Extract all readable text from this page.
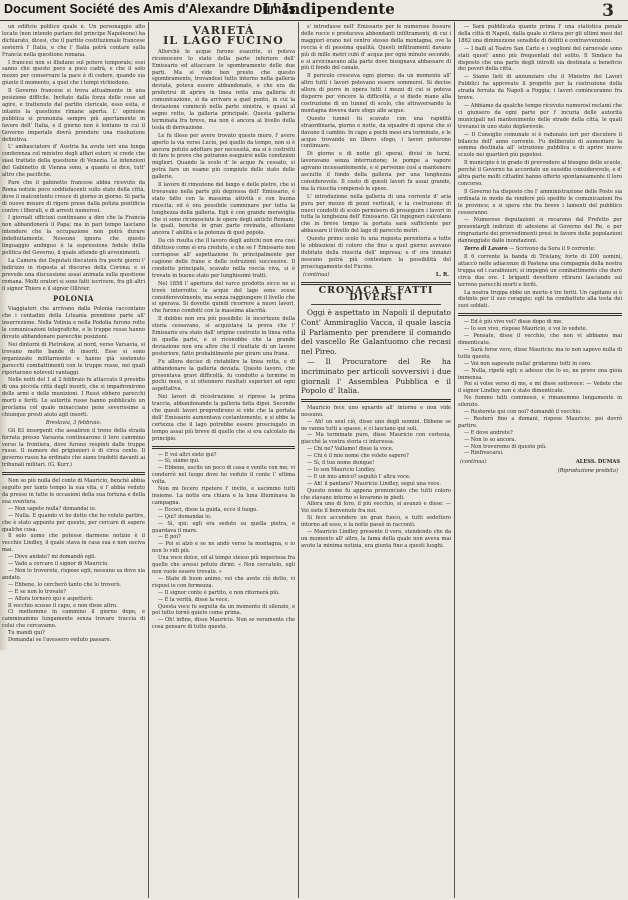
Document Société des Amis d'Alexandre Dumas
L' Indipendente	3

un edificio politico quale è. Un personaggio alto locato (non intendo parlare del principe Napoleone) ha dichiarato, dicesi, che il partito costituzionale francese sosterrà l' Italia, e che l' Italia potrà contare sulla Francia nella questione romana.

I francesi non si illudano sul potere temporale; essi sanno che questo poco a poco cadrà, e che il solo mezzo per conservare la pace è di cedere, quando sia giunto il momento, a quel che i tempi richiedono.

Il Governo francese si trova attualmente in una posizione difficile. Invitato dalla forza delle cose ad agire, e trattenuto dal partito clericale, esso esita, e intanto la questione rimane aperta. L' opinione pubblica si pronunzia sempre più apertamente in favore dell' Italia, e il giorno non è lontano in cui il Governo imperiale dovrà prendere una risoluzione definitiva.

L' ambasciatore d' Austria ha avuto ieri una lunga conferenza col ministro degli affari esteri; si crede che siasi trattato della questione di Venezia. Le intenzioni del Gabinetto di Vienna sono, a quanto si dice, tutt' altro che pacifiche.

Pare che il gabinetto francese abbia ricevuto da Roma notizie poco soddisfacenti sullo stato della città, dove il malcontento cresce di giorno in giorno. Si parla di nuove misure di rigore prese dalla polizia pontificia contro i liberali, e di arresti numerosi.

I giornali ufficiosi continuano a dire che la Francia non abbandonerà il Papa; ma in pari tempo lasciano intendere che la occupazione non potrà durare indefinitamente. Nessuno ignora che questo linguaggio ambiguo è la espressione fedele della politica del Governo, il quale attende gli avvenimenti.

La Camera dei Deputati discuterà fra pochi giorni l' indirizzo in risposta al discorso della Corona; e si prevede una discussione assai animata sulla questione romana. Molti oratori si sono fatti iscrivere, fra gli altri il signor Thiers e il signor Ollivier.

POLONIA

Viaggiatori che arrivano dalla Polonia raccontano che i contadini della Lituania prendono parte all' insurrezione. Nella Volinia e nella Podolia furono rotte le comunicazioni telegrafiche, e le truppe russe hanno dovuto abbandonare parecchie posizioni.

Nei dintorni di Pietrokow, al nord, verso Varsavia, si trovano molte bande di insorti. Esse si sono organizzate militarmente e hanno già sostenuto parecchi combattimenti con le truppe russe, nei quali riportarono notevoli vantaggi.

Nelle notti del 1 al 2 febbraio fu attaccato il presidio di una piccola città dagli insorti, che si impadronirono delle armi e delle munizioni. I Russi ebbero parecchi morti e feriti. Le autorità russe hanno pubblicato un proclama col quale minacciano pene severissime a chiunque presti aiuto agli insorti.

Breslavia, 3 febbraio.

Gli 83 insorgenti che assaliron il treno della strada ferrata presso Varsavia continuarono il loro cammino verso la frontiera, dove furono respinti dalle truppe russe. Il numero dei prigionieri è di circa cento. Il governo russo ha ordinato che siano tradotti davanti ai tribunali militari. (G. Kurr.)

Non so più nulla del conte di Mauricio, benchè abbia seguito per tanto tempo la sua vita, e l' abbia veduto da presso in tutte le occasioni della sua fortuna e della sua sventura.

— Non sapete nulla? domandai io.

— Nulla. E quando vi ho detto che ho voluto partire, che è stato appunto per questo, per cercare di sapere qualche cosa.

Il solo uomo che potesse darmene notizie è il vecchio Lindley, il quale stava in casa sua e non usciva mai.

— Dove andate? mi domandò egli.

— Vado a cercare il signor di Mauricio.

— Non lo troverete, rispose egli; nessuno sa dove sia andato.

— Ebbene, lo cercherò tanto che lo troverò.

— E se non lo trovate?

— Allora tornerò qui e aspetterò.

Il vecchio scosse il capo, e non disse altro.

Ci mettemmo in cammino il giorno dopo, e camminammo lungamente senza trovare traccia di colui che cercavamo.

Tu mandi qui?

Domandai se l'avessero veduto passare.

VARIETÀ
IL LAGO FUCINO

Allorchè le acque furono esaurite, si poteva riconoscere lo stato della parte inferiore dell' Emissario ed attaccare lo sgombramento delle due parti. Ma si vide ben presto che questo sgombramento, trovandosi tutto interno nella galleria deviata, poteva essere abbandonato, e che era da preferirsi di aprire in linea retta una galleria di comunicazione, sì da arrivare a quel punto, in cui la deviazione cominciò nella parte sinistra, e quasi al segno retto, la galleria principale. Questa galleria terminata fra breve, ma non è ancora al livello della tesla di derivazione.

Le fu illeso per avere trovato questo muro, l' avere aperto la via verso Lucio, poi quello da tempo, non si è ancora potuto adottare per necessità, ma si è costretti di fare le prove che potranno eseguirsi nelle condizioni migliori. Quando la scolo d' le acque fu cessato, si potrà fare un esame più compiuto dello stato delle gallerie.

Il lavoro di rimozione del fango e delle pietre, che si trovavano nella parte più depressa dell' Emissario, è stato fatto con la massima attività e con buona riuscita; ed è ora possibile camminare per tutta la lunghezza della galleria. Egli è con grande meraviglia che si sono riconosciute le opere degli antichi Romani, le quali, benchè in gran parte rovinate, attestano ancora l' abilità e la potenza di quel popolo.

Da ciò risulta che il lavoro degli antichi non era così difettoso come si era creduto, e che se l' Emissario non corrispose all' aspettazione fu principalmente per cagione delle frane e delle ostruzioni successive. Il condotto principale, scavato nella roccia viva, si è trovato in buono stato per lunghissimi tratti.

Nel 1858 l' apertura del varco prodotto sicco ne si trovò interrotto; le acque del lago sono scese considerevolmente, ma senza raggiungere il livello che si sperava. Si dovette quindi ricorrere a nuovi lavori, che furono condotti con la massima alacrità.

Il dubbio non era più possibile: le incertezze della storia cessavano, si acquistava la prova che l' Emissario era stato dall' origine costruito in linea retta in quella parte, e si riconobbe che la grande deviazione non era altro che il risultato di un lavoro posteriore, fatto probabilmente per girare una frana.

Fu allora deciso di ristabilire la linea retta, e di abbandonare la galleria deviata. Questo lavoro, che presentava gravi difficoltà, fu condotto a termine in pochi mesi, e si ottennero risultati superiori ad ogni aspettativa.

Nei lavori di ricostruzione si riprese la prima traccia, abbandonando la galleria fatta dipoi. Secondo che questi lavori progredirono si vide che la portata dell' Emissario aumentava costantemente, e si ebbe la certezza che il lago potrebbe essere prosciugato in tempo assai più breve di quello che si era calcolato da principio.

— E voi altri siete qui?

— Sì, siamo qui.

— Ebbene, uscite un poco di casa e venite con me; vi condurrò nel luogo dove ho veduto il conte l' ultima volta.

Non mi fecero ripetere l' invito, e uscimmo tutti insieme. La notte era chiara e la luna illuminava la campagna.

— Eccoci, disse la guida, ecco il luogo.

— Qui? domandai io.

— Sì, qui; egli era seduto su quella pietra, e guardava il mare.

— E poi?

— Poi si alzò e se ne andò verso la montagna, e io non lo vidi più.

Una voce dolce, ed al tempo stesso più imperiosa fra quelle che avessi potuto dirmi: « Non cercatelo, egli non vuole essere trovato. »

— State di buon animo, voi che avete ciò detto, vi risposi io con fermezza.

— Il signor conte è partito, e non ritornerà più.

— È la verità, disse la voce.

Questa voce fu seguita da un momento di silenzio, e poi tutto tornò quieto come prima.

— Oh! infine, disse Mauricio. Non so veramente che cosa pensare di tutto questo.

s' introdusse nell' Emissario per le numerose fessure delle rocce e produceva abbondanti infiltramenti, di cui i maggiori erano nel centro stesso della montagna, ove la roccia è di pessima qualità. Questi infiltramenti davano più di mille metri cubi d' acqua per ogni minuto secondo, e si avvicinavano alla parte dove bisognava abbassare di più il fondo del canale.

Il pericolo cresceva ogni giorno; da un momento all' altro tutti i lavori potevano essere sommersi. Si decise allora di porre in opera tutti i mezzi di cui si poteva disporre per vincere la difficoltà, e si diede mano alla costruzione di un tunnel di scolo, che attraversando la montagna doveva dare sfogo alle acque.

Questo tunnel fu scavato con una rapidità straordinaria, giorno e notte, da squadre di operai che si davano il cambio. In capo a pochi mesi era terminato, e le acque trovando un libero sfogo, i lavori poterono continuare.

Di giorno e di notte gli operai, divisi in turni, lavoravano senza interruzione; le pompe a vapore agivano incessantemente, e si pervenne così a mantenere asciutto il fondo della galleria per una lunghezza considerevole. Il costo di questi lavori fu assai grande, ma la riuscita compensò le spese.

L' introduzione nella galleria di una corrente d' aria pura per mezzo di pozzi verticali, e la costruzione di nuovi condotti di scolo permisero di proseguire i lavori in tutta la lunghezza dell' Emissario. Gli ingegneri calcolano che in breve tempo la portata sarà sufficiente per abbassare il livello del lago di parecchi metri.

Questo primo scolo fu una risposta perentoria a tutte le obbiezioni di coloro che fino a quel giorno avevano dubitato della riuscita dell' impresa; e d' ora innanzi nessuno potrà più contestare la possibilità del prosciugamento del Fucino.

(continua)	L. R.
CRONACA E FATTI DIVERSI

Oggi è aspettato in Napoli il deputato Cont' Ammiraglio Vacca, il quale lascia il Parlamento per prendere il comando del vascello Re Galantuomo che recasi nel Pireo.

— Il Procuratore del Re ha incriminato per articoli sovversivi i due giornali l' Assemblea Pubblica e il Popolo d' Italia.

Mauricio fece uno sguardo all' intorno e non vide nessuno.

— Ah! un seul ciò, disse uno degli uomini. Ebbene se ne vanno tutti a spasso, e ci lasciano qui soli.

— Ma terminate pure, disse Mauricio con cortesia, giacchè la vostra storia ci interessa.

— Chi ne? Vallamo! disse la voce.

— Chi è il mio nome che volete sapere?

— Sì, il tuo nome dunque!

— Io son Mauricio Lindley.

— E un mio amico? seguitò l' altra voce.

— Ah! il pantano? Mauricio Lindley, seguì una voce.

Questo nome fu appena pronunciato che tutti coloro che stavano intorno si levarono in piedi.

Allora uno di loro, il più vecchio, si avanzò e disse: — Voi siete il benvenuto fra noi.

Si fece accendere un gran fuoco, e tutti sedettero intorno ad esso, e la notte passò in racconti.

— Mauricio Lindley presente il vero, stendendo che da un momento all' altro, la fama della quale non aveva mai avuto la minima notizia, era giunta fino a questi luoghi.

— Sarà pubblicata quanto prima l' una statistica penale della città di Napoli, dalla quale si rileva per gli ultimi mesi del 1862 una diminuzione sensibile di delitti e contravvenzioni.

— I balli al Teatro San Carlo e i veglioni del carnevale sono stati quest' anno più frequentati del solito. Il Sindaco ha disposto che una parte degli introiti sia destinata a beneficio dei poveri della città.

— Siamo lieti di annunziare che il Ministro dei Lavori Pubblici ha approvato il progetto per la costruzione della strada ferrata da Napoli a Foggia; i lavori cominceranno fra breve.

— Abbiamo da qualche tempo ricevuto numerosi reclami che ci giunsero da ogni parte per l' incuria delle autorità municipali nel mantenimento delle strade della città, le quali trovansi in uno stato deplorevole.

— Il Consiglio comunale si è radunato ieri per discutere il bilancio dell' anno corrente. Fu deliberato di aumentare la somma destinata all' istruzione pubblica e di aprire nuove scuole nei quartieri più popolosi.

Il municipio è in grado di provvedere al bisogno delle scuole, perchè il Governo ha accordato un sussidio considerevole, e d' altra parte molti cittadini hanno offerto spontaneamente il loro concorso.

Il Governo ha disposto che l' amministrazione delle Poste sia ordinata in modo da rendere più spedite le comunicazioni fra le province; e si spera che fra breve i lamenti del pubblico cesseranno.

— Numerose deputazioni si recarono dal Prefetto per presentargli indirizzi di adesione al Governo del Re, e per ringraziarlo dei provvedimenti presi in favore delle popolazioni danneggiate dalle inondazioni.

Terra di Lavoro — Scrivono da Sora il 9 corrente:

Il 6 corrente la banda di Tristany, forte di 200 uomini, attaccò nelle adiacenze di Pastena una compagnia della nostra truppa ed i carabinieri; si impegnò un combattimento che durò circa due ore. I briganti dovettero ritirarsi lasciando sul terreno parecchi morti e feriti.

La nostra truppa ebbe un morto e tre feriti. Un capitano si è distinto per il suo coraggio; egli ha combattuto alla testa dei suoi soldati.

— Ed è più vivo voi? disse dopo di me.

— Io son vivo, rispose Mauricio, e voi lo vedete.

— Pensate, disse il vecchio, che non vi abbiamo mai dimenticato.

— Sarà forse vero, disse Mauricio; ma io non sapevo nulla di tutto questo.

— Voi non sapevate nulla! gridarono tutti in coro.

— Nulla, ripetè egli; e adesso che lo so, ne provo una gioia immensa.

Poi si volse verso di me, e mi disse sottovoce: — Vedete che il signor Lindley non è stato dimenticato.

Ne fummo tutti commossi, e rimanemmo lungamente in silenzio.

— Resterete qui con noi? domandò il vecchio.

— Resterò fino a domani, rispose Mauricio; poi dovrò partire.

— E dove andrete?

— Non lo so ancora.

— Non troveremo di questo più.

— Rinfrescarsi.

(continua)	ALESS. DUMAS
(Riproduzione proibita)
